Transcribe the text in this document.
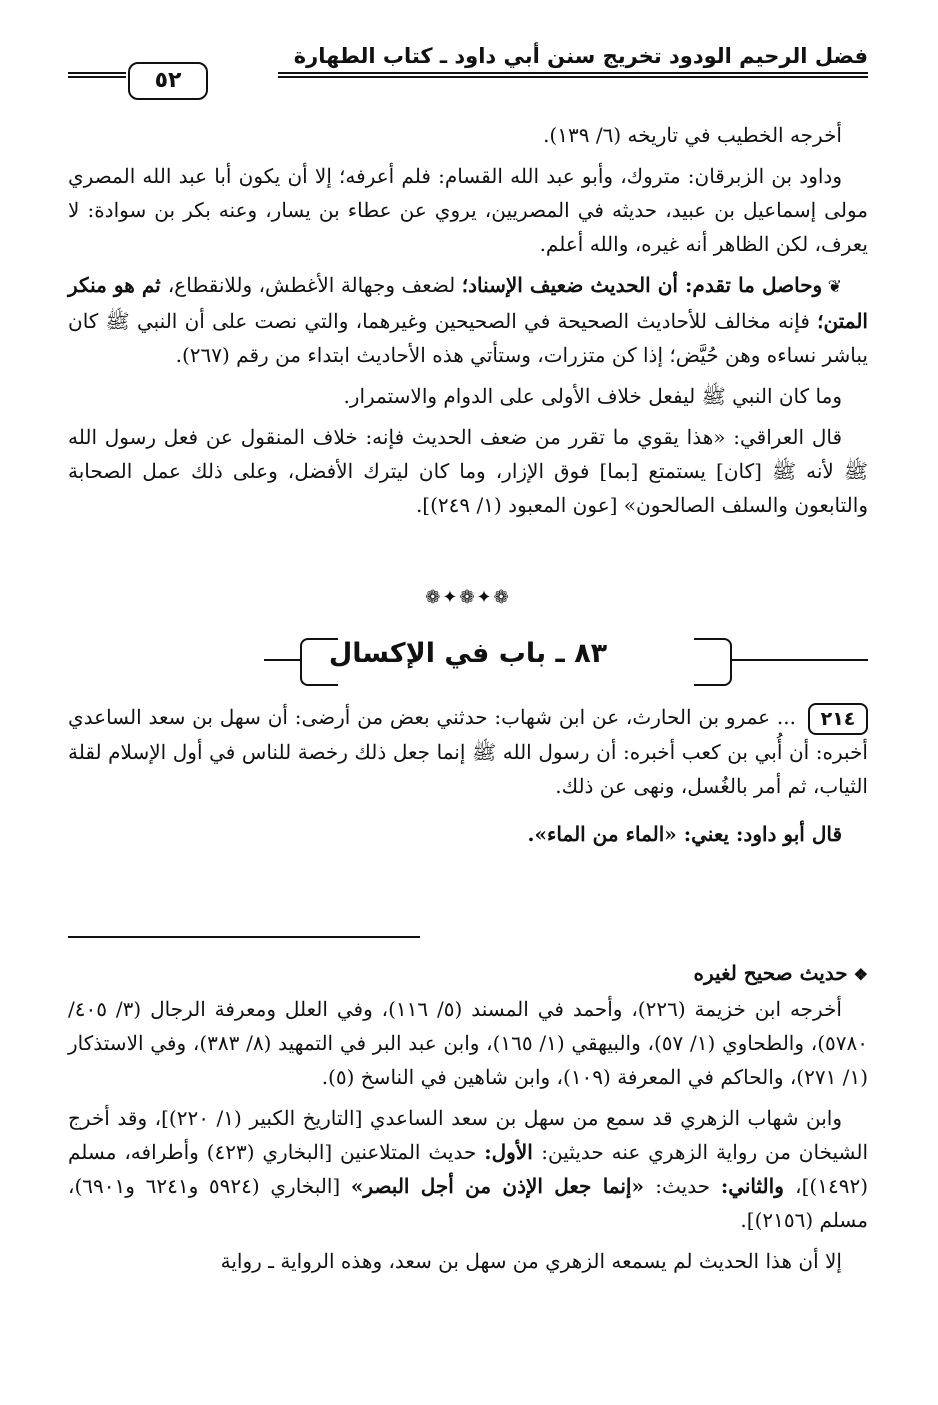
فضل الرحيم الودود تخريج سنن أبي داود ـ كتاب الطهارة
٥٢

أخرجه الخطيب في تاريخه (٦/ ١٣٩).

وداود بن الزبرقان: متروك، وأبو عبد الله القسام: فلم أعرفه؛ إلا أن يكون أبا عبد الله المصري مولى إسماعيل بن عبيد، حديثه في المصريين، يروي عن عطاء بن يسار، وعنه بكر بن سوادة: لا يعرف، لكن الظاهر أنه غيره، والله أعلم.

❦ وحاصل ما تقدم: أن الحديث ضعيف الإسناد؛ لضعف وجهالة الأغطش، وللانقطاع، ثم هو منكر المتن؛ فإنه مخالف للأحاديث الصحيحة في الصحيحين وغيرهما، والتي نصت على أن النبي ﷺ كان يباشر نساءه وهن حُيَّض؛ إذا كن متزرات، وستأتي هذه الأحاديث ابتداء من رقم (٢٦٧).

وما كان النبي ﷺ ليفعل خلاف الأولى على الدوام والاستمرار.

قال العراقي: «هذا يقوي ما تقرر من ضعف الحديث فإنه: خلاف المنقول عن فعل رسول الله ﷺ لأنه ﷺ [كان] يستمتع [بما] فوق الإزار، وما كان ليترك الأفضل، وعلى ذلك عمل الصحابة والتابعون والسلف الصالحون» [عون المعبود (١/ ٢٤٩)].

❁✦❁✦❁
٨٣ ـ باب في الإكسال

٢١٤... عمرو بن الحارث، عن ابن شهاب: حدثني بعض من أرضى: أن سهل بن سعد الساعدي أخبره: أن أُبي بن كعب أخبره: أن رسول الله ﷺ إنما جعل ذلك رخصة للناس في أول الإسلام لقلة الثياب، ثم أمر بالغُسل، ونهى عن ذلك.

قال أبو داود: يعني: «الماء من الماء».

❖حديث صحيح لغيره

أخرجه ابن خزيمة (٢٢٦)، وأحمد في المسند (٥/ ١١٦)، وفي العلل ومعرفة الرجال (٣/ ٤٠٥/ ٥٧٨٠)، والطحاوي (١/ ٥٧)، والبيهقي (١/ ١٦٥)، وابن عبد البر في التمهيد (٨/ ٣٨٣)، وفي الاستذكار (١/ ٢٧١)، والحاكم في المعرفة (١٠٩)، وابن شاهين في الناسخ (٥).

وابن شهاب الزهري قد سمع من سهل بن سعد الساعدي [التاريخ الكبير (١/ ٢٢٠)]، وقد أخرج الشيخان من رواية الزهري عنه حديثين: الأول: حديث المتلاعنين [البخاري (٤٢٣) وأطرافه، مسلم (١٤٩٢)]، والثاني: حديث: «إنما جعل الإذن من أجل البصر» [البخاري (٥٩٢٤ و٦٢٤١ و٦٩٠١)، مسلم (٢١٥٦)].

إلا أن هذا الحديث لم يسمعه الزهري من سهل بن سعد، وهذه الرواية ـ رواية
